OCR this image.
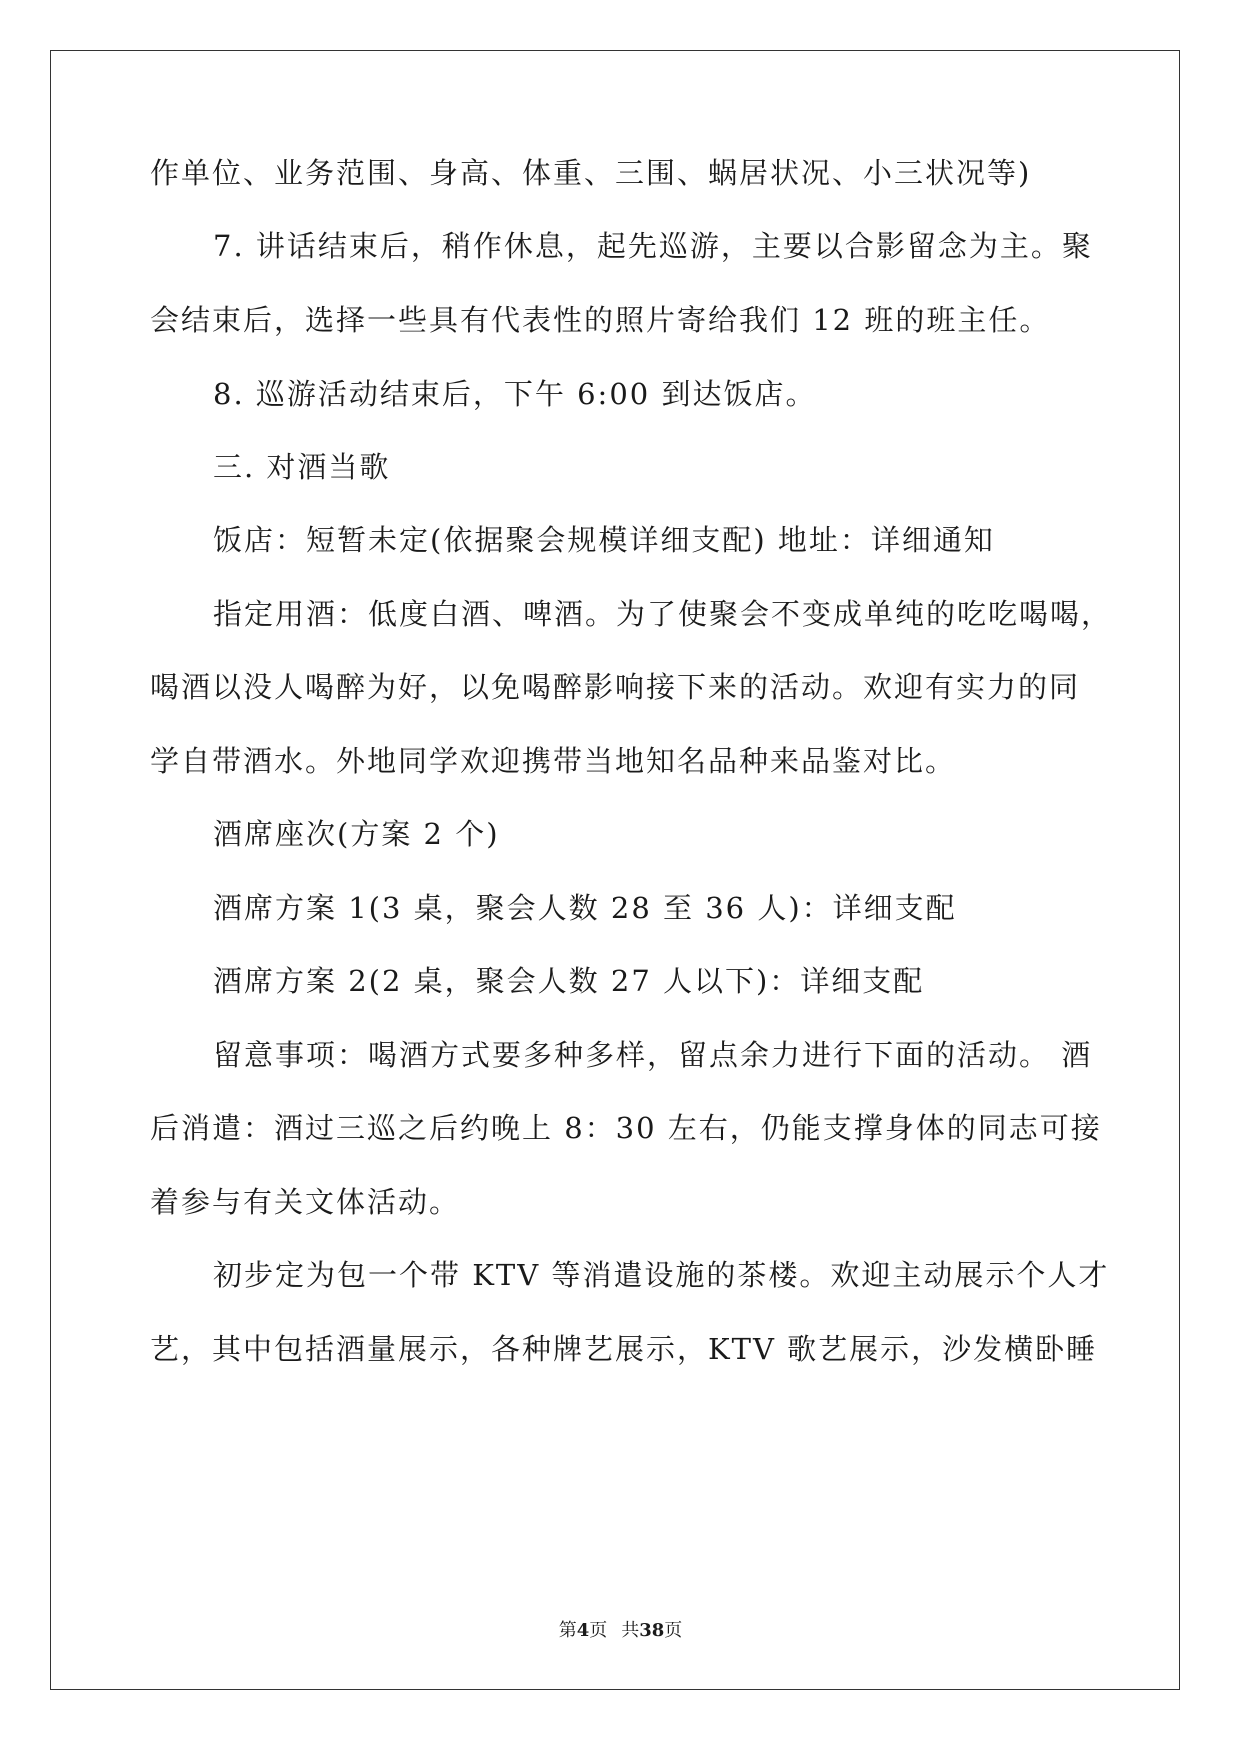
作单位、业务范围、身高、体重、三围、蜗居状况、小三状况等)
7. 讲话结束后，稍作休息，起先巡游，主要以合影留念为主。聚
会结束后，选择一些具有代表性的照片寄给我们 12 班的班主任。
8. 巡游活动结束后，下午 6:00 到达饭店。
三. 对酒当歌
饭店：短暂未定(依据聚会规模详细支配) 地址：详细通知
指定用酒：低度白酒、啤酒。为了使聚会不变成单纯的吃吃喝喝，
喝酒以没人喝醉为好，以免喝醉影响接下来的活动。欢迎有实力的同
学自带酒水。外地同学欢迎携带当地知名品种来品鉴对比。
酒席座次(方案 2 个)
酒席方案 1(3 桌，聚会人数 28 至 36 人)：详细支配
酒席方案 2(2 桌，聚会人数 27 人以下)：详细支配
留意事项：喝酒方式要多种多样，留点余力进行下面的活动。 酒
后消遣：酒过三巡之后约晚上 8：30 左右，仍能支撑身体的同志可接
着参与有关文体活动。
初步定为包一个带 KTV 等消遣设施的茶楼。欢迎主动展示个人才
艺，其中包括酒量展示，各种牌艺展示，KTV 歌艺展示，沙发横卧睡
第4页 共38页
